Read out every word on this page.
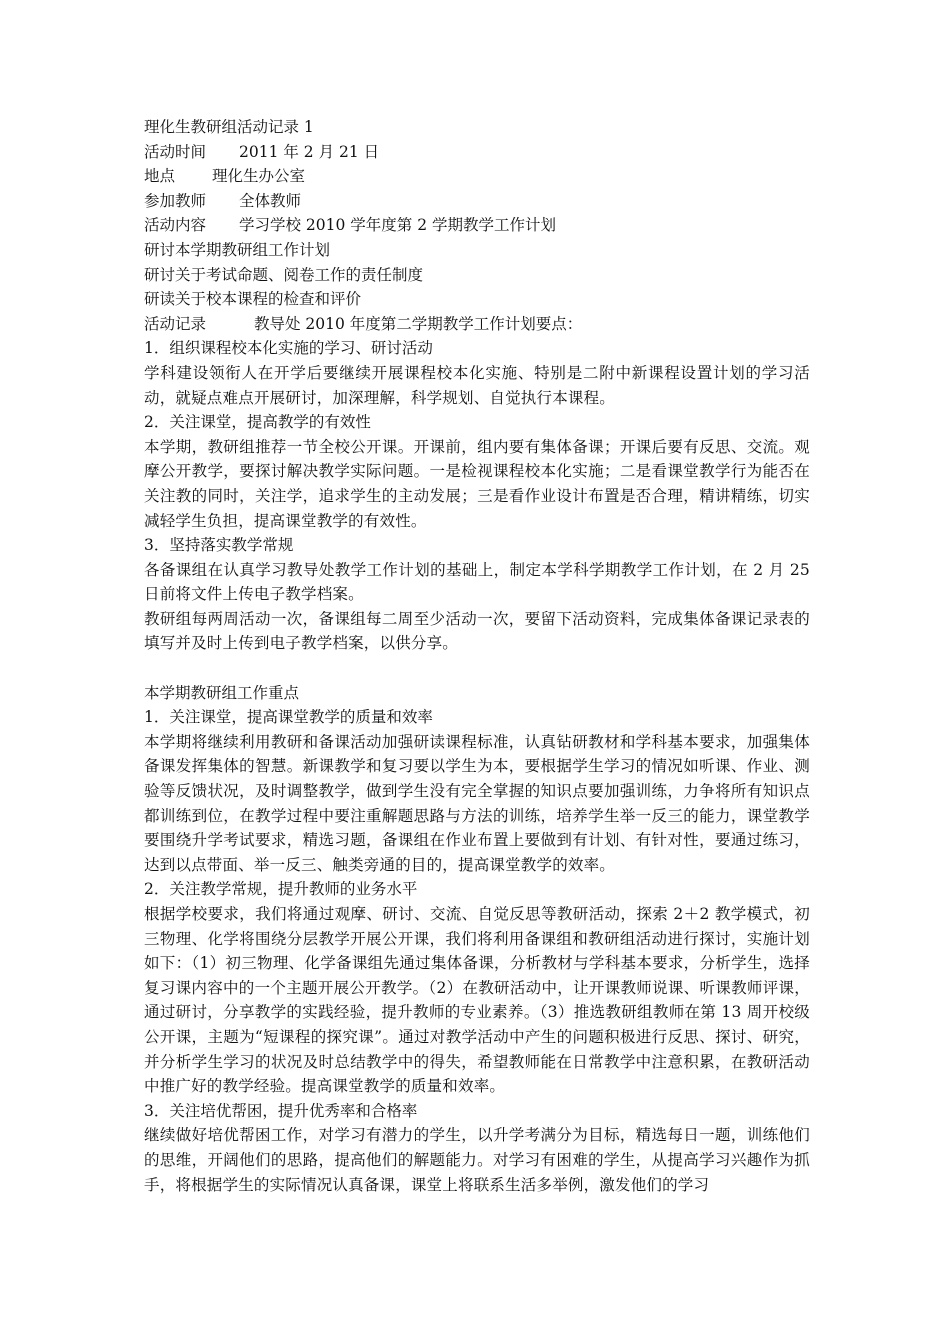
理化生教研组活动记录 1
活动时间 2011 年 2 月 21 日
地点 理化生办公室
参加教师 全体教师
活动内容 学习学校 2010 学年度第 2 学期教学工作计划
研讨本学期教研组工作计划
研讨关于考试命题、阅卷工作的责任制度
研读关于校本课程的检查和评价
活动记录	教导处 2010 年度第二学期教学工作计划要点：
1．组织课程校本化实施的学习、研讨活动
学科建设领衔人在开学后要继续开展课程校本化实施、特别是二附中新课程设置计划的学习活动，就疑点难点开展研讨，加深理解，科学规划、自觉执行本课程。
2．关注课堂，提高教学的有效性
本学期，教研组推荐一节全校公开课。开课前，组内要有集体备课；开课后要有反思、交流。观摩公开教学，要探讨解决教学实际问题。一是检视课程校本化实施；二是看课堂教学行为能否在关注教的同时，关注学，追求学生的主动发展；三是看作业设计布置是否合理，精讲精练，切实减轻学生负担，提高课堂教学的有效性。
3．坚持落实教学常规
各备课组在认真学习教导处教学工作计划的基础上，制定本学科学期教学工作计划，在 2 月 25 日前将文件上传电子教学档案。
教研组每两周活动一次，备课组每二周至少活动一次，要留下活动资料，完成集体备课记录表的填写并及时上传到电子教学档案，以供分享。
本学期教研组工作重点
1．关注课堂，提高课堂教学的质量和效率
本学期将继续利用教研和备课活动加强研读课程标准，认真钻研教材和学科基本要求，加强集体备课发挥集体的智慧。新课教学和复习要以学生为本，要根据学生学习的情况如听课、作业、测验等反馈状况，及时调整教学，做到学生没有完全掌握的知识点要加强训练，力争将所有知识点都训练到位，在教学过程中要注重解题思路与方法的训练，培养学生举一反三的能力，课堂教学要围绕升学考试要求，精选习题，备课组在作业布置上要做到有计划、有针对性，要通过练习，达到以点带面、举一反三、触类旁通的目的，提高课堂教学的效率。
2．关注教学常规，提升教师的业务水平
根据学校要求，我们将通过观摩、研讨、交流、自觉反思等教研活动，探索 2＋2 教学模式，初三物理、化学将围绕分层教学开展公开课，我们将利用备课组和教研组活动进行探讨，实施计划如下：（1）初三物理、化学备课组先通过集体备课，分析教材与学科基本要求，分析学生，选择复习课内容中的一个主题开展公开教学。（2）在教研活动中，让开课教师说课、听课教师评课，通过研讨，分享教学的实践经验，提升教师的专业素养。（3）推选教研组教师在第 13 周开校级公开课，主题为“短课程的探究课”。通过对教学活动中产生的问题积极进行反思、探讨、研究，并分析学生学习的状况及时总结教学中的得失，希望教师能在日常教学中注意积累，在教研活动中推广好的教学经验。提高课堂教学的质量和效率。
3．关注培优帮困，提升优秀率和合格率
继续做好培优帮困工作，对学习有潜力的学生，以升学考满分为目标，精选每日一题，训练他们的思维，开阔他们的思路，提高他们的解题能力。对学习有困难的学生，从提高学习兴趣作为抓手，将根据学生的实际情况认真备课，课堂上将联系生活多举例，激发他们的学习
